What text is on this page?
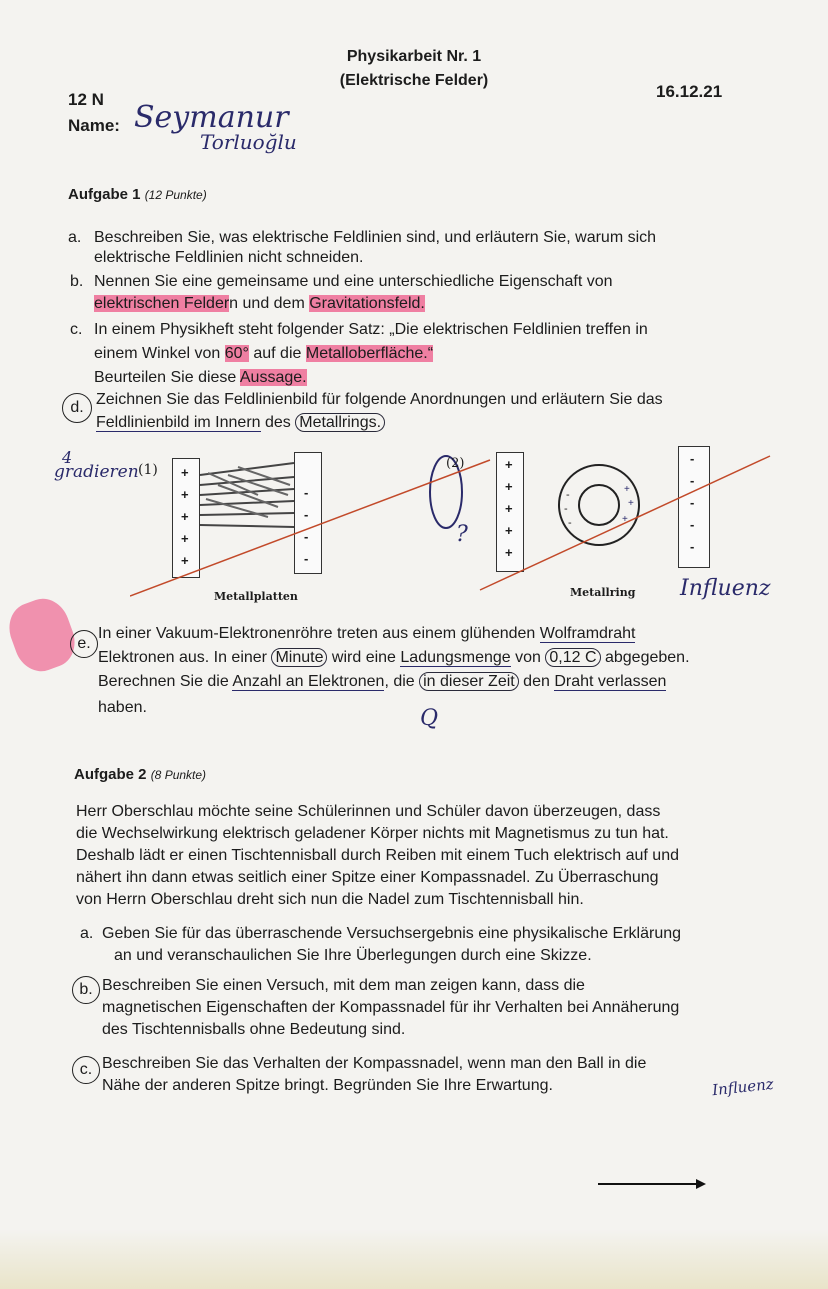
Physikarbeit Nr. 1
(Elektrische Felder)
12 N
Name: Seymanur
Torluoğlu
16.12.21
Aufgabe 1 (12 Punkte)
a. Beschreiben Sie, was elektrische Feldlinien sind, und erläutern Sie, warum sich
elektrische Feldlinien nicht schneiden.
b. Nennen Sie eine gemeinsame und eine unterschiedliche Eigenschaft von
elektrischen Feldern und dem Gravitationsfeld.
c. In einem Physikheft steht folgender Satz: „Die elektrischen Feldlinien treffen in
einem Winkel von 60° auf die Metalloberfläche.“
Beurteilen Sie diese Aussage.
d. Zeichnen Sie das Feldlinienbild für folgende Anordnungen und erläutern Sie das
Feldlinienbild im Innern des Metallrings.
4
gradieren (1) +
+
+
+
+
-
-
-
-
Metallplatten
(2)
?
+
+
+
+
+
-
-
-
+
+
+
-
-
-
-
-
Metallring Influenz
e.
In einer Vakuum-Elektronenröhre treten aus einem glühenden Wolframdraht
Elektronen aus. In einer Minute wird eine Ladungsmenge von 0,12 C abgegeben.
Berechnen Sie die Anzahl an Elektronen, die in dieser Zeit den Draht verlassen
haben.	Q
Aufgabe 2 (8 Punkte)
Herr Oberschlau möchte seine Schülerinnen und Schüler davon überzeugen, dass
die Wechselwirkung elektrisch geladener Körper nichts mit Magnetismus zu tun hat.
Deshalb lädt er einen Tischtennisball durch Reiben mit einem Tuch elektrisch auf und
nähert ihn dann etwas seitlich einer Spitze einer Kompassnadel. Zu Überraschung
von Herrn Oberschlau dreht sich nun die Nadel zum Tischtennisball hin.
a. Geben Sie für das überraschende Versuchsergebnis eine physikalische Erklärung
an und veranschaulichen Sie Ihre Überlegungen durch eine Skizze.
b. Beschreiben Sie einen Versuch, mit dem man zeigen kann, dass die
magnetischen Eigenschaften der Kompassnadel für ihr Verhalten bei Annäherung
des Tischtennisballs ohne Bedeutung sind.
c. Beschreiben Sie das Verhalten der Kompassnadel, wenn man den Ball in die
Nähe der anderen Spitze bringt. Begründen Sie Ihre Erwartung.	Influenz
